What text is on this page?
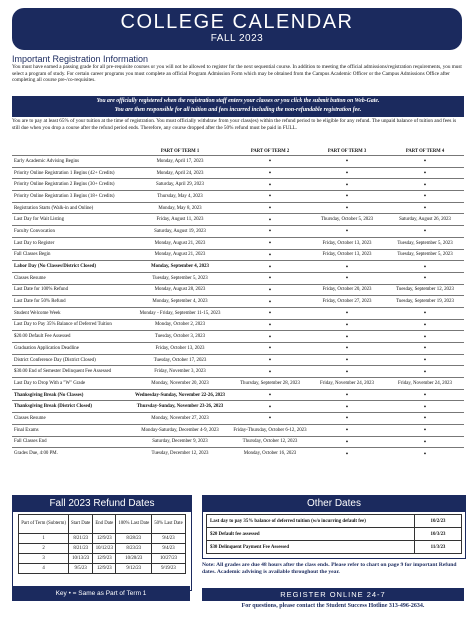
COLLEGE CALENDAR
FALL 2023
Important Registration Information

You must have earned a passing grade for all pre-requisite courses or you will not be allowed to register for the next sequential course. In addition to meeting the official admissions/registration requirements, you must select a program of study. For certain career programs you must complete an official Program Admission Form which may be obtained from the Campus Academic Officer or the Campus Admissions Office after completing all course pre-/co-requisites.

You are officially registered when the registration staff enters your classes or you click the submit button on Web-Gate.
You are then responsible for all tuition and fees incurred including the non-refundable registration fee.
You are to pay at least 65% of your tuition at the time of registration. You must officially withdraw from your class(es) within the refund period to be eligible for any refund. The unpaid balance of tuition and fees is still due when you drop a course after the refund period ends. Therefore, any course dropped after the 50% refund must be paid in FULL.
	PART OF TERM 1	PART OF TERM 2	PART OF TERM 3	PART OF TERM 4
Early Academic Advising Begins	Monday, April 17, 2023	•	•	•
Priority Online Registration 1 Begins (42+ Credits)	Monday, April 24, 2023	•	•	•
Priority Online Registration 2 Begins (30+ Credits)	Saturday, April 29, 2023	•	•	•
Priority Online Registration 3 Begins (18+ Credits)	Thursday, May 4, 2023	•	•	•
Registration Starts (Walk-in and Online)	Monday, May 8, 2023	•	•	•
Last Day for Wait Listing	Friday, August 11, 2023	•	Thursday, October 5, 2023	Saturday, August 26, 2023
Faculty Convocation	Saturday, August 19, 2023	•	•	•
Last Day to Register	Monday, August 21, 2023	•	Friday, October 13, 2023	Tuesday, September 5, 2023
Fall Classes Begin	Monday, August 21, 2023	•	Friday, October 13, 2023	Tuesday, September 5, 2023
Labor Day (No Classes/District Closed)	Monday, September 4, 2023	•	•	•
Classes Resume	Tuesday, September 5, 2023	•	•	•
Last Date for 100% Refund	Monday, August 28, 2023	•	Friday, October 20, 2023	Tuesday, September 12, 2023
Last Date for 50% Refund	Monday, September 4, 2023	•	Friday, October 27, 2023	Tuesday, September 19, 2023
Student Welcome Week	Monday - Friday, September 11-15, 2023	•	•	•
Last Day to Pay 35% Balance of Deferred Tuition	Monday, October 2, 2023	•	•	•
$20.00 Default Fee Assessed	Tuesday, October 3, 2023	•	•	•
Graduation Application Deadline	Friday, October 13, 2023	•	•	•
District Conference Day (District Closed)	Tuesday, October 17, 2023	•	•	•
$30.00 End of Semester Delinquent Fee Assessed	Friday, November 3, 2023	•	•	•
Last Day to Drop With a "W" Grade	Monday, November 20, 2023	Thursday, September 28, 2023	Friday, November 24, 2023	Friday, November 24, 2023
Thanksgiving Break (No Classes)	Wednesday-Sunday, November 22-26, 2023	•	•	•
Thanksgiving Break (District Closed)	Thursday-Sunday, November 23-26, 2023	•	•	•
Classes Resume	Monday, November 27, 2023	•	•	•
Final Exams	Monday-Saturday, December 4-9, 2023	Friday-Thursday, October 6-12, 2023	•	•
Fall Classes End	Saturday, December 9, 2023	Thursday, October 12, 2023	•	•
Grades Due, 4:00 PM.	Tuesday, December 12, 2023	Monday, October 16, 2023	•	•
Fall 2023 Refund Dates
Part of Term (Subterm)	Start Date	End Date	100% Last Date	50% Last Date
1	8/21/23	12/9/23	8/28/23	9/4/23
2	8/21/23	10/12/23	8/23/23	9/4/23
3	10/13/23	12/9/23	10/20/23	10/27/23
4	9/5/23	12/9/23	9/12/23	9/19/23
Key • = Same as Part of Term 1
Other Dates
Last day to pay 35% balance of deferred tuition (w/o incurring default fee)	10/2/23
$20 Default fee assessed	10/3/23
$30 Delinquent Payment Fee Assessed	11/3/23
Note: All grades are due 48 hours after the class ends. Please refer to chart on page 9 for important Refund dates. Academic advising is available throughout the year.
REGISTER ONLINE 24-7
For questions, please contact the Student Success Hotline 313-496-2634.
